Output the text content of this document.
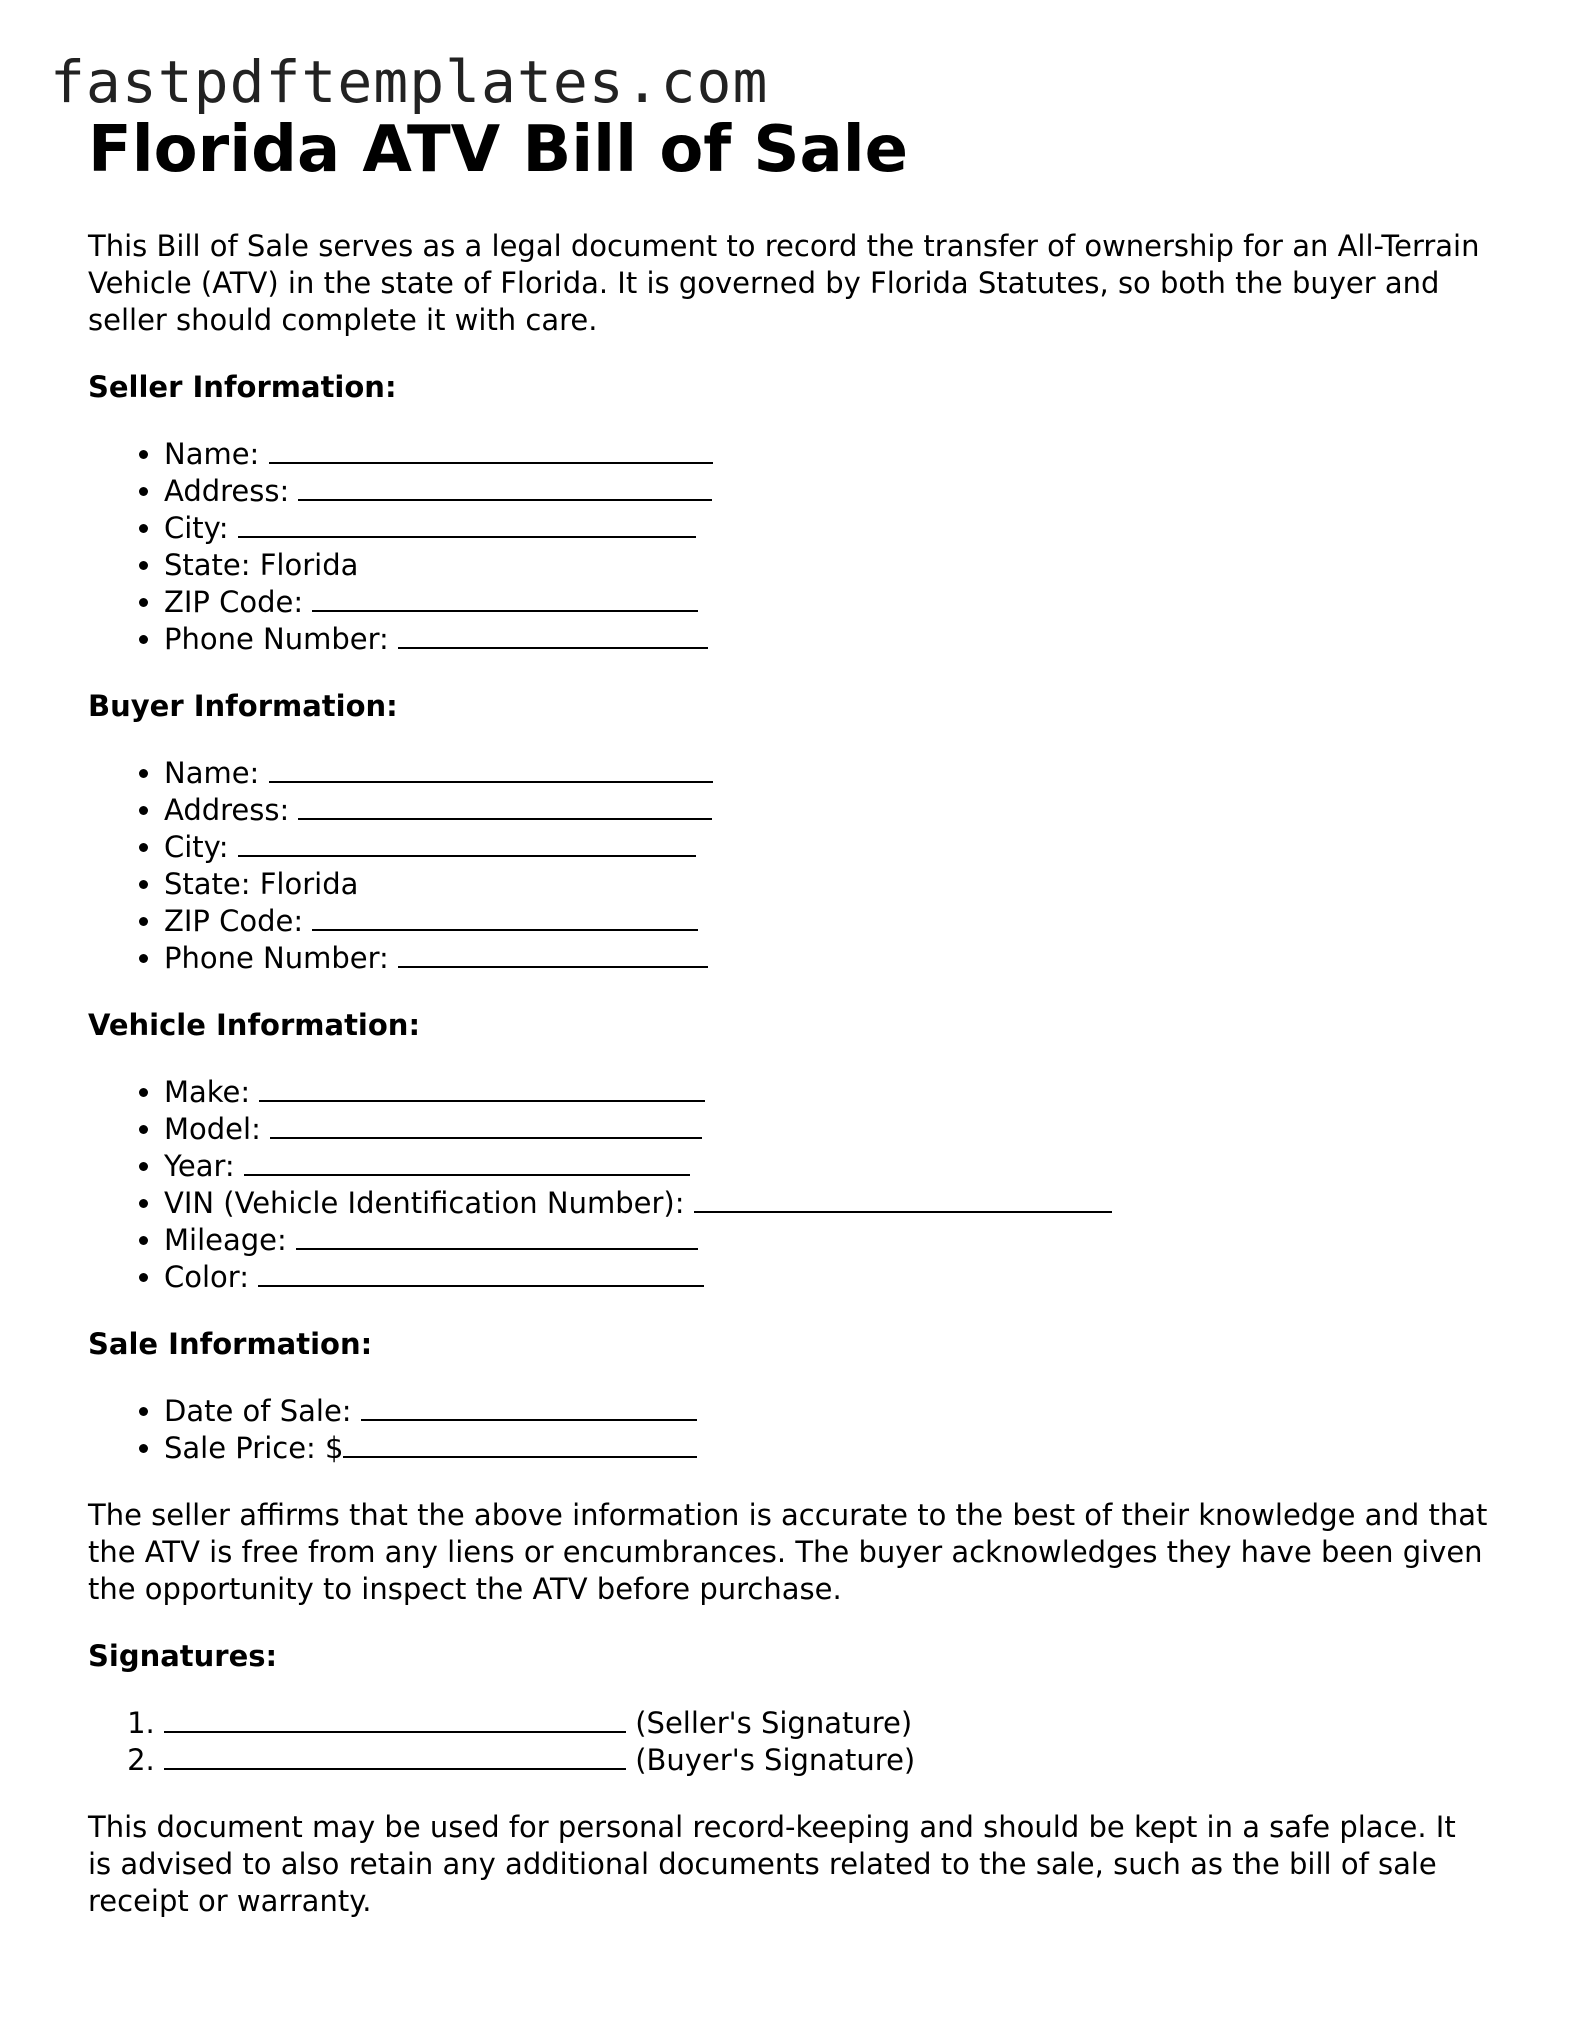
fastpdftemplates.com
Florida ATV Bill of Sale

This Bill of Sale serves as a legal document to record the transfer of ownership for an All-Terrain Vehicle (ATV) in the state of Florida. It is governed by Florida Statutes, so both the buyer and seller should complete it with care.

Seller Information:
• Name:
• Address:
• City:
• State: Florida
• ZIP Code:
• Phone Number:
Buyer Information:
• Name:
• Address:
• City:
• State: Florida
• ZIP Code:
• Phone Number:
Vehicle Information:
• Make:
• Model:
• Year:
• VIN (Vehicle Identification Number):
• Mileage:
• Color:
Sale Information:
• Date of Sale:
• Sale Price: $

The seller affirms that the above information is accurate to the best of their knowledge and that the ATV is free from any liens or encumbrances. The buyer acknowledges they have been given the opportunity to inspect the ATV before purchase.

Signatures:
1. (Seller's Signature)
2. (Buyer's Signature)

This document may be used for personal record-keeping and should be kept in a safe place. It is advised to also retain any additional documents related to the sale, such as the bill of sale receipt or warranty.
